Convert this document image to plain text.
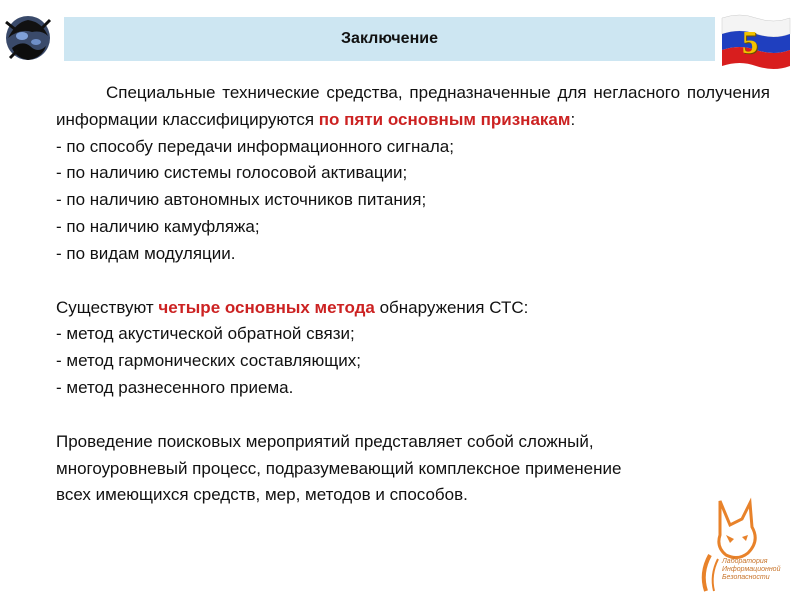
Заключение	5

Специальные технические средства, предназначенные для негласного получения информации классифицируются по пяти основным признакам:

- по способу передачи информационного сигнала;

- по наличию системы голосовой активации;

- по наличию автономных источников питания;

- по наличию камуфляжа;

- по видам модуляции.

Существуют четыре основных метода обнаружения СТС:

- метод акустической обратной связи;

- метод гармонических составляющих;

- метод разнесенного приема.

Проведение поисковых мероприятий представляет собой сложный,

многоуровневый процесс, подразумевающий комплексное применение

всех имеющихся средств, мер, методов и способов.

Лаборатория
Информационной
Безопасности
